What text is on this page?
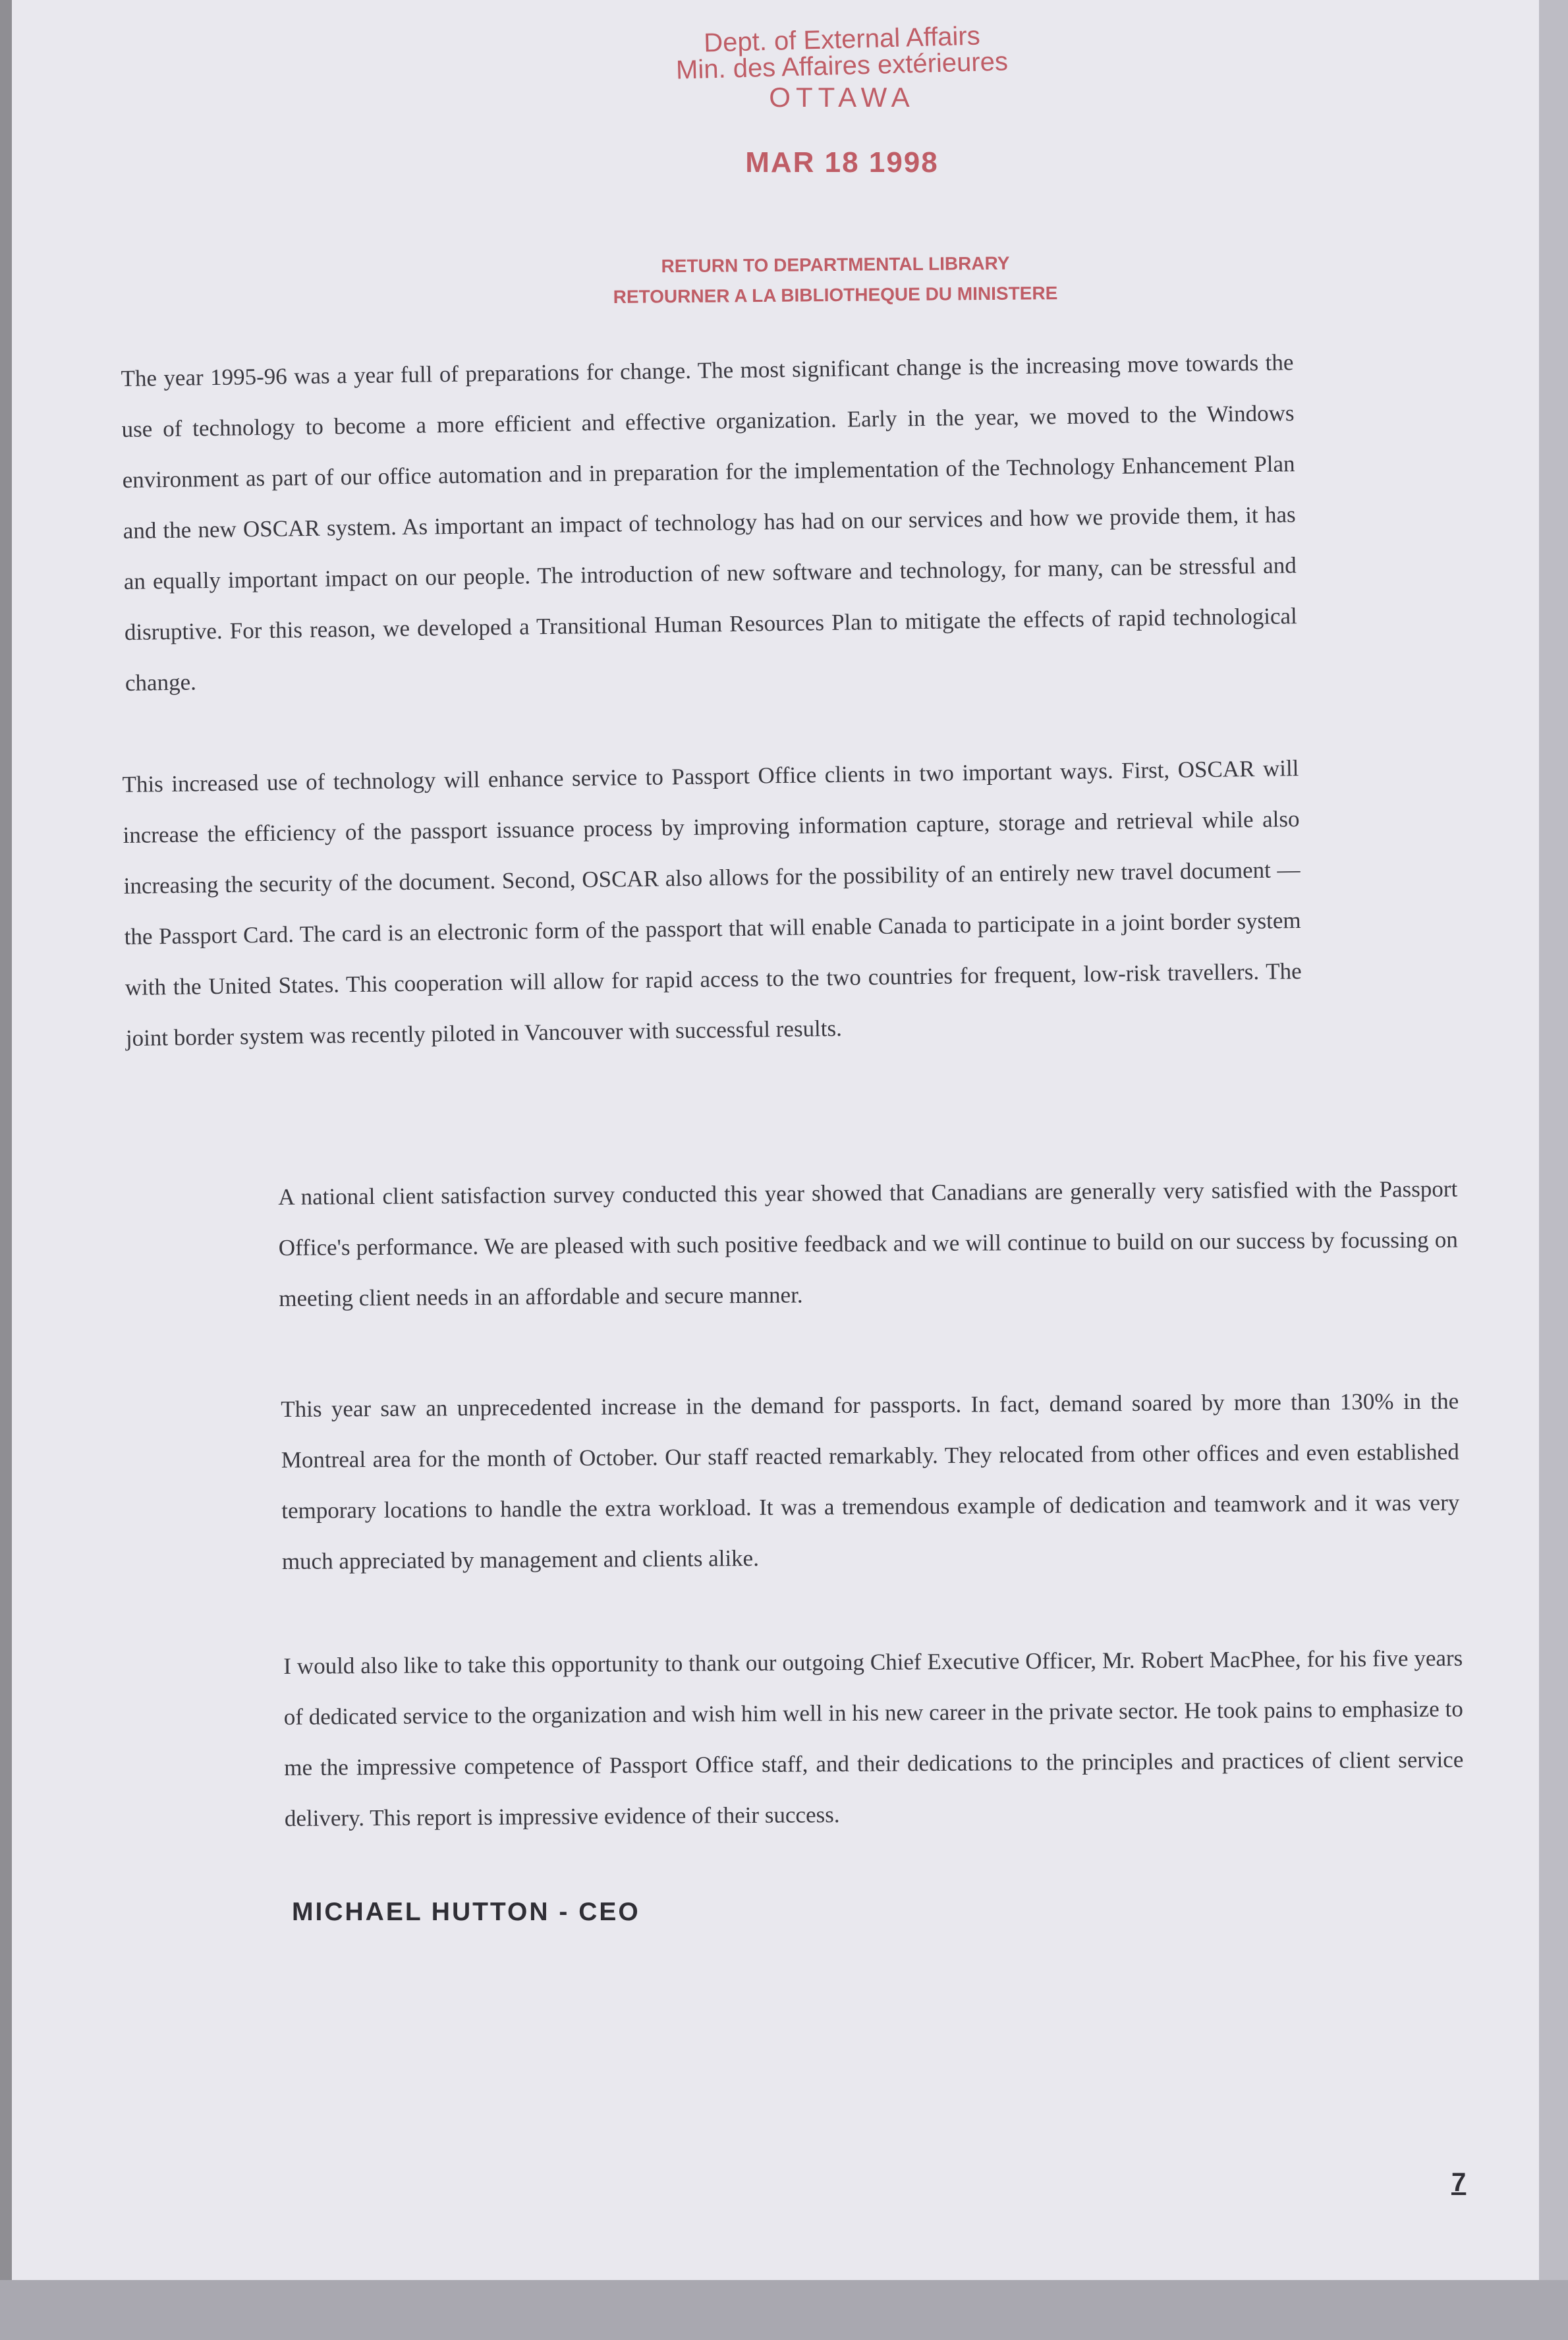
Dept. of External Affairs
Min. des Affaires extérieures
OTTAWA
MAR 18 1998
RETURN TO DEPARTMENTAL LIBRARY
RETOURNER A LA BIBLIOTHEQUE DU MINISTERE

The year 1995-96 was a year full of preparations for change. The most significant change is the increasing move towards the use of technology to become a more efficient and effective organization. Early in the year, we moved to the Windows environment as part of our office automation and in preparation for the implementation of the Technology Enhancement Plan and the new OSCAR system. As important an impact of technology has had on our services and how we provide them, it has an equally important impact on our people. The introduction of new software and technology, for many, can be stressful and disruptive. For this reason, we developed a Transitional Human Resources Plan to mitigate the effects of rapid technological change.

This increased use of technology will enhance service to Passport Office clients in two important ways. First, OSCAR will increase the efficiency of the passport issuance process by improving information capture, storage and retrieval while also increasing the security of the document. Second, OSCAR also allows for the possibility of an entirely new travel document — the Passport Card. The card is an electronic form of the passport that will enable Canada to participate in a joint border system with the United States. This cooperation will allow for rapid access to the two countries for frequent, low-risk travellers. The joint border system was recently piloted in Vancouver with successful results.

A national client satisfaction survey conducted this year showed that Canadians are generally very satisfied with the Passport Office's performance. We are pleased with such positive feedback and we will continue to build on our success by focussing on meeting client needs in an affordable and secure manner.

This year saw an unprecedented increase in the demand for passports. In fact, demand soared by more than 130% in the Montreal area for the month of October. Our staff reacted remarkably. They relocated from other offices and even established temporary locations to handle the extra workload. It was a tremendous example of dedication and teamwork and it was very much appreciated by management and clients alike.

I would also like to take this opportunity to thank our outgoing Chief Executive Officer, Mr. Robert MacPhee, for his five years of dedicated service to the organization and wish him well in his new career in the private sector. He took pains to emphasize to me the impressive competence of Passport Office staff, and their dedications to the principles and practices of client service delivery. This report is impressive evidence of their success.

MICHAEL HUTTON - CEO
7
